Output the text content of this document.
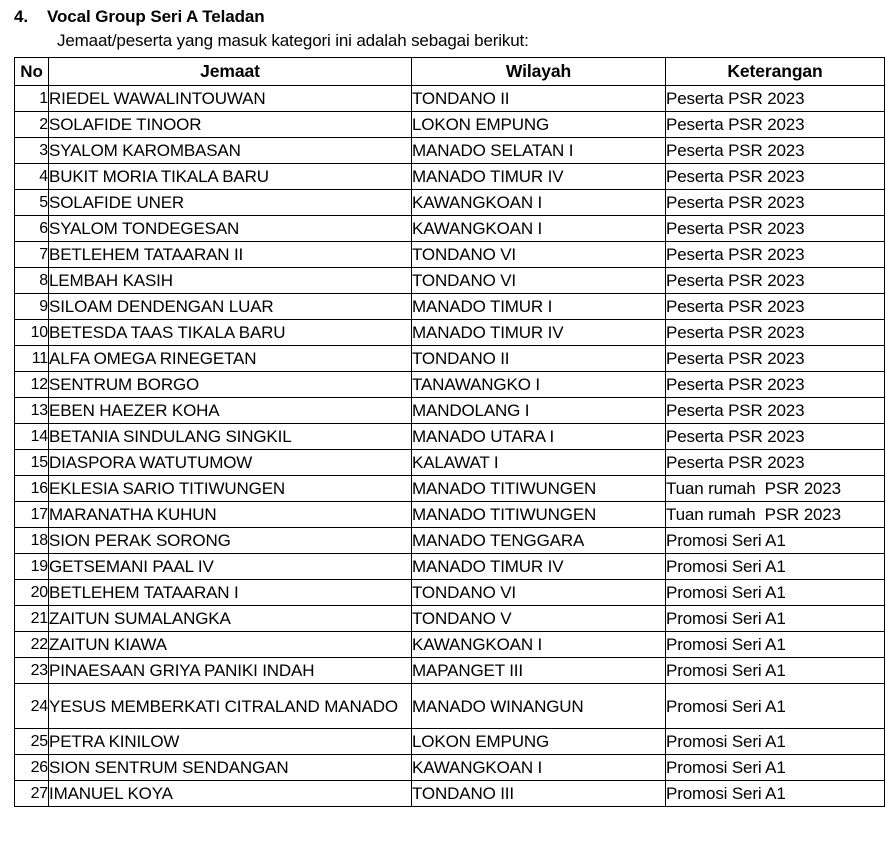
4.	Vocal Group Seri A Teladan
Jemaat/peserta yang masuk kategori ini adalah sebagai berikut:
No	Jemaat	Wilayah	Keterangan
1	RIEDEL WAWALINTOUWAN	TONDANO II	Peserta PSR 2023
2	SOLAFIDE TINOOR	LOKON EMPUNG	Peserta PSR 2023
3	SYALOM KAROMBASAN	MANADO SELATAN I	Peserta PSR 2023
4	BUKIT MORIA TIKALA BARU	MANADO TIMUR IV	Peserta PSR 2023
5	SOLAFIDE UNER	KAWANGKOAN I	Peserta PSR 2023
6	SYALOM TONDEGESAN	KAWANGKOAN I	Peserta PSR 2023
7	BETLEHEM TATAARAN II	TONDANO VI	Peserta PSR 2023
8	LEMBAH KASIH	TONDANO VI	Peserta PSR 2023
9	SILOAM DENDENGAN LUAR	MANADO TIMUR I	Peserta PSR 2023
10	BETESDA TAAS TIKALA BARU	MANADO TIMUR IV	Peserta PSR 2023
11	ALFA OMEGA RINEGETAN	TONDANO II	Peserta PSR 2023
12	SENTRUM BORGO	TANAWANGKO I	Peserta PSR 2023
13	EBEN HAEZER KOHA	MANDOLANG I	Peserta PSR 2023
14	BETANIA SINDULANG SINGKIL	MANADO UTARA I	Peserta PSR 2023
15	DIASPORA WATUTUMOW	KALAWAT I	Peserta PSR 2023
16	EKLESIA SARIO TITIWUNGEN	MANADO TITIWUNGEN	Tuan rumah  PSR 2023
17	MARANATHA KUHUN	MANADO TITIWUNGEN	Tuan rumah  PSR 2023
18	SION PERAK SORONG	MANADO TENGGARA	Promosi Seri A1
19	GETSEMANI PAAL IV	MANADO TIMUR IV	Promosi Seri A1
20	BETLEHEM TATAARAN I	TONDANO VI	Promosi Seri A1
21	ZAITUN SUMALANGKA	TONDANO V	Promosi Seri A1
22	ZAITUN KIAWA	KAWANGKOAN I	Promosi Seri A1
23	PINAESAAN GRIYA PANIKI INDAH	MAPANGET III	Promosi Seri A1
24	YESUS MEMBERKATI CITRALAND MANADO	MANADO WINANGUN	Promosi Seri A1
25	PETRA KINILOW	LOKON EMPUNG	Promosi Seri A1
26	SION SENTRUM SENDANGAN	KAWANGKOAN I	Promosi Seri A1
27	IMANUEL KOYA	TONDANO III	Promosi Seri A1
